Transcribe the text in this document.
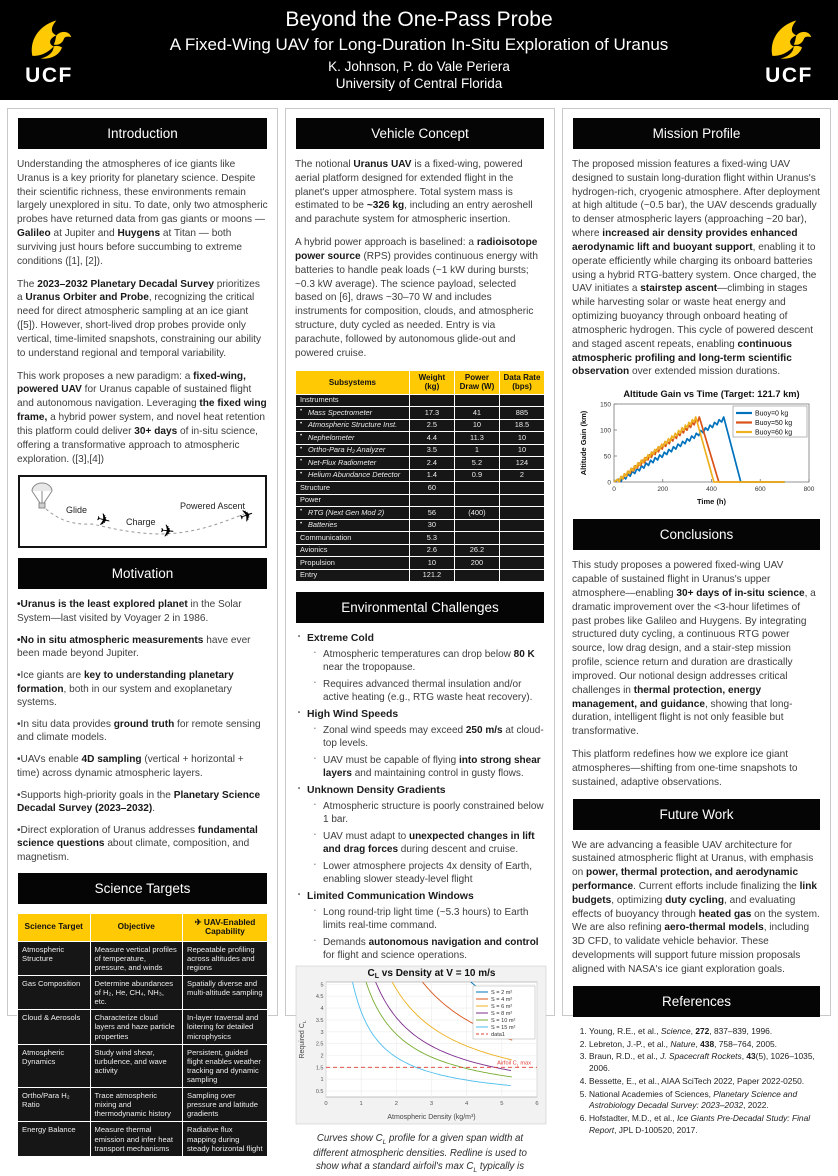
UCF
Beyond the One-Pass Probe
A Fixed-Wing UAV for Long-Duration In-Situ Exploration of Uranus
K. Johnson, P. do Vale Periera
University of Central Florida	UCF
Introduction

Understanding the atmospheres of ice giants like Uranus is a key priority for planetary science. Despite their scientific richness, these environments remain largely unexplored in situ. To date, only two atmospheric probes have returned data from gas giants or moons — Galileo at Jupiter and Huygens at Titan — both surviving just hours before succumbing to extreme conditions ([1], [2]).

The 2023–2032 Planetary Decadal Survey prioritizes a Uranus Orbiter and Probe, recognizing the critical need for direct atmospheric sampling at an ice giant ([5]). However, short-lived drop probes provide only vertical, time-limited snapshots, constraining our ability to understand regional and temporal variability.

This work proposes a new paradigm: a fixed-wing, powered UAV for Uranus capable of sustained flight and autonomous navigation. Leveraging the fixed wing frame, a hybrid power system, and novel heat retention this platform could deliver 30+ days of in-situ science, offering a transformative approach to atmospheric exploration. ([3],[4])

✈
✈
✈
Glide
Charge
Powered Ascent
Motivation

•Uranus is the least explored planet in the Solar System—last visited by Voyager 2 in 1986.

•No in situ atmospheric measurements have ever been made beyond Jupiter.

•Ice giants are key to understanding planetary formation, both in our system and exoplanetary systems.

•In situ data provides ground truth for remote sensing and climate models.

•UAVs enable 4D sampling (vertical + horizontal + time) across dynamic atmospheric layers.

•Supports high-priority goals in the Planetary Science Decadal Survey (2023–2032).

•Direct exploration of Uranus addresses fundamental science questions about climate, composition, and magnetism.

Science Targets
Science Target	Objective	✈ UAV-Enabled Capability
Atmospheric Structure	Measure vertical profiles of temperature, pressure, and winds	Repeatable profiling across altitudes and regions
Gas Composition	Determine abundances of H₂, He, CH₄, NH₃, etc.	Spatially diverse and multi-altitude sampling
Cloud & Aerosols	Characterize cloud layers and haze particle properties	In-layer traversal and loitering for detailed microphysics
Atmospheric Dynamics	Study wind shear, turbulence, and wave activity	Persistent, guided flight enables weather tracking and dynamic sampling
Ortho/Para H₂ Ratio	Trace atmospheric mixing and thermodynamic history	Sampling over pressure and latitude gradients
Energy Balance	Measure thermal emission and infer heat transport mechanisms	Radiative flux mapping during steady horizontal flight
Vehicle Concept

The notional Uranus UAV is a fixed-wing, powered aerial platform designed for extended flight in the planet's upper atmosphere. Total system mass is estimated to be ~326 kg, including an entry aeroshell and parachute system for atmospheric insertion.

A hybrid power approach is baselined: a radioisotope power source (RPS) provides continuous energy with batteries to handle peak loads (~1 kW during bursts; ~0.3 kW average). The science payload, selected based on [6], draws ~30–70 W and includes instruments for composition, clouds, and atmospheric structure, duty cycled as needed. Entry is via parachute, followed by autonomous glide-out and powered cruise.

Subsystems	Weight (kg)	Power Draw (W)	Data Rate (bps)
Instruments			
• Mass Spectrometer	17.3	41	885
• Atmospheric Structure Inst.	2.5	10	18.5
• Nephelometer	4.4	11.3	10
• Ortho-Para H₂ Analyzer	3.5	1	10
• Net-Flux Radiometer	2.4	5.2	124
• Helium Abundance Detector	1.4	0.9	2
Structure	60		
Power			
• RTG (Next Gen Mod 2)	56	(400)	
• Batteries	30		
Communication	5.3		
Avionics	2.6	26.2	
Propulsion	10	200	
Entry	121.2		
Environmental Challenges
• Extreme Cold
• Atmospheric temperatures can drop below 80 K near the tropopause.
• Requires advanced thermal insulation and/or active heating (e.g., RTG waste heat recovery).
• High Wind Speeds
• Zonal wind speeds may exceed 250 m/s at cloud-top levels.
• UAV must be capable of flying into strong shear layers and maintaining control in gusty flows.
• Unknown Density Gradients
• Atmospheric structure is poorly constrained below 1 bar.
• UAV must adapt to unexpected changes in lift and drag forces during descent and cruise.
• Lower atmosphere projects 4x density of Earth, enabling slower steady-level flight
• Limited Communication Windows
• Long round-trip light time (~5.3 hours) to Earth limits real-time command.
• Demands autonomous navigation and control for flight and science operations.
0	1	2	3	4	5	6
0.5
1
1.5
2
2.5
3
3.5
4
4.5
5
Airfoil $C_L$ max
$C_L$ vs Density at V = 10 m/s
Atmospheric Density (kg/m³)
Required $C_L$
S = 2 m²
S = 4 m²
S = 6 m²
S = 8 m²
S = 10 m²
S = 15 m²
data1
Curves show $C_L$ profile for a given span width at different atmospheric densities. Redline is used to show what a standard airfoil's $\max C_L$ typically is
Mission Profile

The proposed mission features a fixed-wing UAV designed to sustain long-duration flight within Uranus's hydrogen-rich, cryogenic atmosphere. After deployment at high altitude (~0.5 bar), the UAV descends gradually to denser atmospheric layers (approaching ~20 bar), where increased air density provides enhanced aerodynamic lift and buoyant support, enabling it to operate efficiently while charging its onboard batteries using a hybrid RTG-battery system. Once charged, the UAV initiates a stairstep ascent—climbing in stages while harvesting solar or waste heat energy and optimizing buoyancy through onboard heating of atmospheric hydrogen. This cycle of powered descent and staged ascent repeats, enabling continuous atmospheric profiling and long-term scientific observation over extended mission durations.

0	200	400	600	800
0
50
100
150
Altitude Gain vs Time (Target: 121.7 km)
Time (h)
Altitude Gain (km)	Buoy=0 kg
Buoy=50 kg
Buoy=60 kg
Conclusions

This study proposes a powered fixed-wing UAV capable of sustained flight in Uranus's upper atmosphere—enabling 30+ days of in-situ science, a dramatic improvement over the <3-hour lifetimes of past probes like Galileo and Huygens. By integrating structured duty cycling, a continuous RTG power source, low drag design, and a stair-step mission profile, science return and duration are drastically improved. Our notional design addresses critical challenges in thermal protection, energy management, and guidance, showing that long-duration, intelligent flight is not only feasible but transformative.

This platform redefines how we explore ice giant atmospheres—shifting from one-time snapshots to sustained, adaptive observations.

Future Work

We are advancing a feasible UAV architecture for sustained atmospheric flight at Uranus, with emphasis on power, thermal protection, and aerodynamic performance. Current efforts include finalizing the link budgets, optimizing duty cycling, and evaluating effects of buoyancy through heated gas on the system. We are also refining aero-thermal models, including 3D CFD, to validate vehicle behavior. These developments will support future mission proposals aligned with NASA's ice giant exploration goals.

References
1. Young, R.E., et al., Science, 272, 837–839, 1996.
2. Lebreton, J.-P., et al., Nature, 438, 758–764, 2005.
3. Braun, R.D., et al., J. Spacecraft Rockets, 43(5), 1026–1035, 2006.
4. Bessette, E., et al., AIAA SciTech 2022, Paper 2022-0250.
5. National Academies of Sciences, Planetary Science and Astrobiology Decadal Survey: 2023–2032, 2022.
6. Hofstadter, M.D., et al., Ice Giants Pre-Decadal Study: Final Report, JPL D-100520, 2017.
